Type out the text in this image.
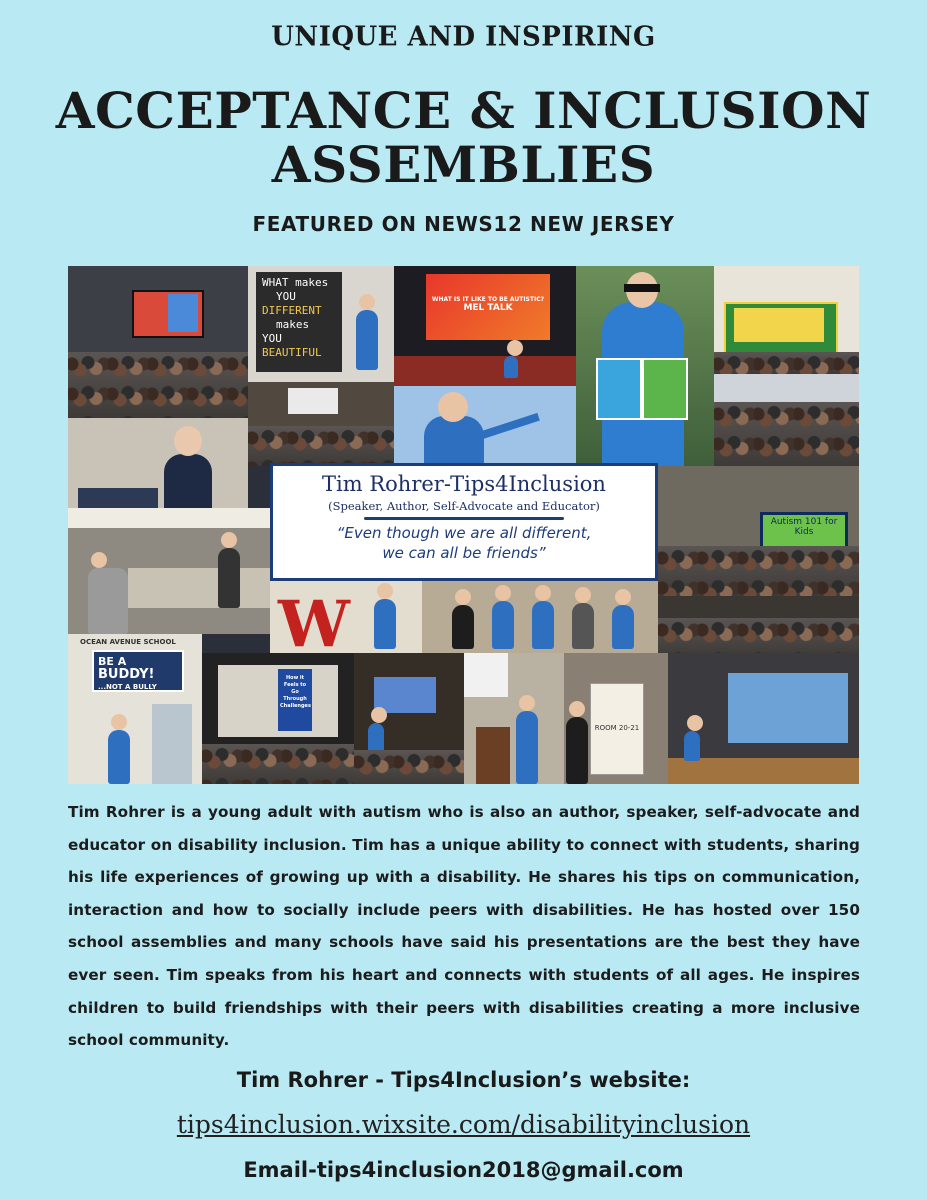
UNIQUE AND INSPIRING
ACCEPTANCE & INCLUSION
ASSEMBLIES
FEATURED ON NEWS12 NEW JERSEY
WHAT makes
YOU
DIFFERENT
makes
YOU
BEAUTIFUL
WHAT IS IT LIKE TO BE AUTISTIC?
MEL TALK
Autism 101 for Kids
W
OCEAN AVENUE SCHOOL
BE A
BUDDY!
...NOT A BULLY
How it Feels to Go Through Challenges
ROOM 20-21
Tim Rohrer-Tips4Inclusion
(Speaker, Author, Self-Advocate and Educator)
“Even though we are all different,
we can all be friends”
Tim Rohrer is a young adult with autism who is also an author, speaker, self-advocate and educator on disability inclusion. Tim has a unique ability to connect with students, sharing his life experiences of growing up with a disability. He shares his tips on communication, interaction and how to socially include peers with disabilities. He has hosted over 150 school assemblies and many schools have said his presentations are the best they have ever seen. Tim speaks from his heart and connects with students of all ages. He inspires children to build friendships with their peers with disabilities creating a more inclusive school community.
Tim Rohrer - Tips4Inclusion’s website:
tips4inclusion.wixsite.com/disabilityinclusion
Email-tips4inclusion2018@gmail.com
